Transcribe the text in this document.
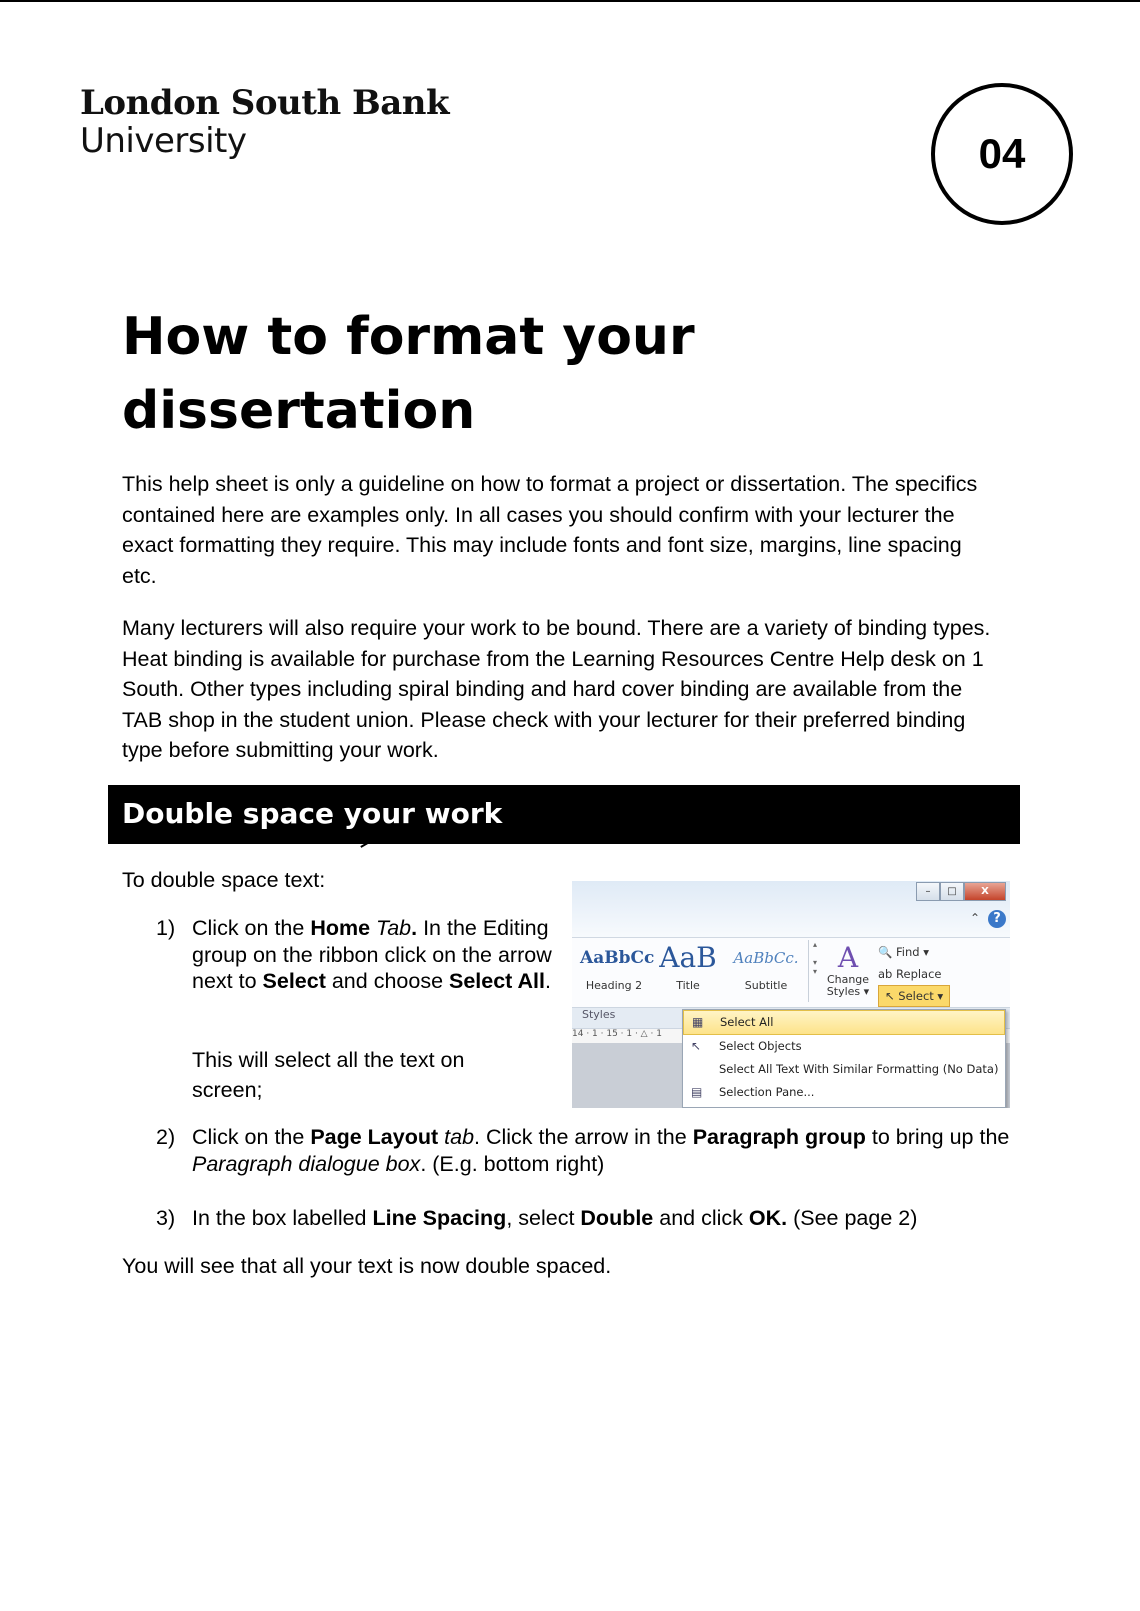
London South Bank
University	04
How to format your dissertation

This help sheet is only a guideline on how to format a project or dissertation. The specifics contained here are examples only. In all cases you should confirm with your lecturer the exact formatting they require. This may include fonts and font size, margins, line spacing etc.

Many lecturers will also require your work to be bound. There are a variety of binding types. Heat binding is available for purchase from the Learning Resources Centre Help desk on 1 South. Other types including spiral binding and hard cover binding are available from the TAB shop in the student union. Please check with your lecturer for their preferred binding type before submitting your work.

Double space your work

To double space text:

1) Click on the Home Tab. In the Editing group on the ribbon click on the arrow next to Select and choose Select All.

This will select all the text on screen;

2) Click on the Page Layout tab. Click the arrow in the Paragraph group to bring up the Paragraph dialogue box. (E.g. bottom right)

3) In the box labelled Line Spacing, select Double and click OK. (See page 2)

You will see that all your text is now double spaced.

–	□	X
⌃	?
AaBbCc
Heading 2
AaB
Title
AaBbCc.
Subtitle
▴

▾
▾ A
Change
Styles ▾
🔍 Find ▾
ab Replace
↖ Select ▾
Styles
14 · 1 · 15 · 1 · △ · 1
▦ Select All
↖	Select Objects
Select All Text With Similar Formatting (No Data)
▤ Selection Pane...
